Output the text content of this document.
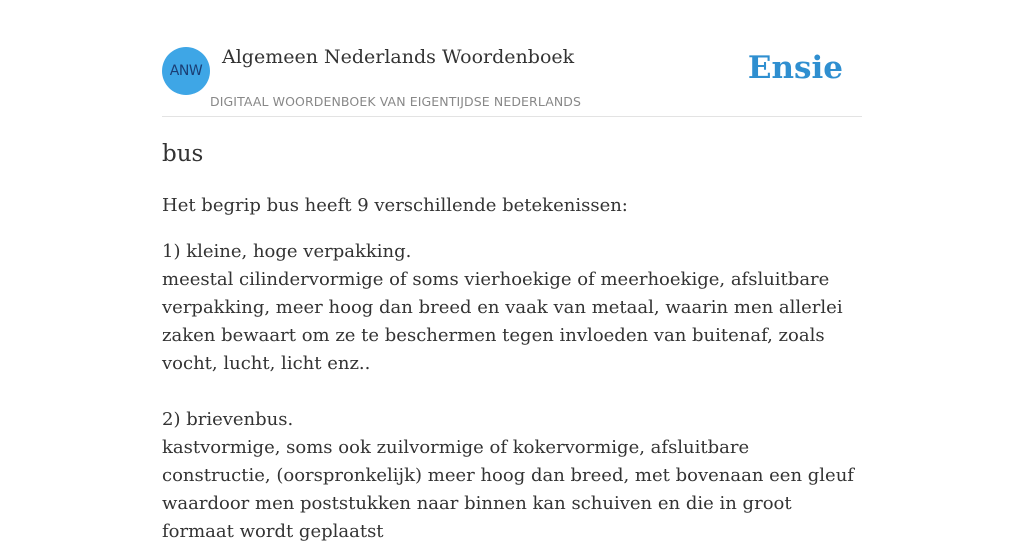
ANW
Algemeen Nederlands Woordenboek
DIGITAAL WOORDENBOEK VAN EIGENTIJDSE NEDERLANDS
Ensie
bus

Het begrip bus heeft 9 verschillende betekenissen:

1) kleine, hoge verpakking.
meestal cilindervormige of soms vierhoekige of meerhoekige, afsluitbare verpakking, meer hoog dan breed en vaak van metaal, waarin men allerlei zaken bewaart om ze te beschermen tegen invloeden van buitenaf, zoals vocht, lucht, licht enz..

2) brievenbus.
kastvormige, soms ook zuilvormige of kokervormige, afsluitbare constructie, (oorspronkelijk) meer hoog dan breed, met bovenaan een gleuf waardoor men poststukken naar binnen kan schuiven en die in groot formaat wordt geplaatst
